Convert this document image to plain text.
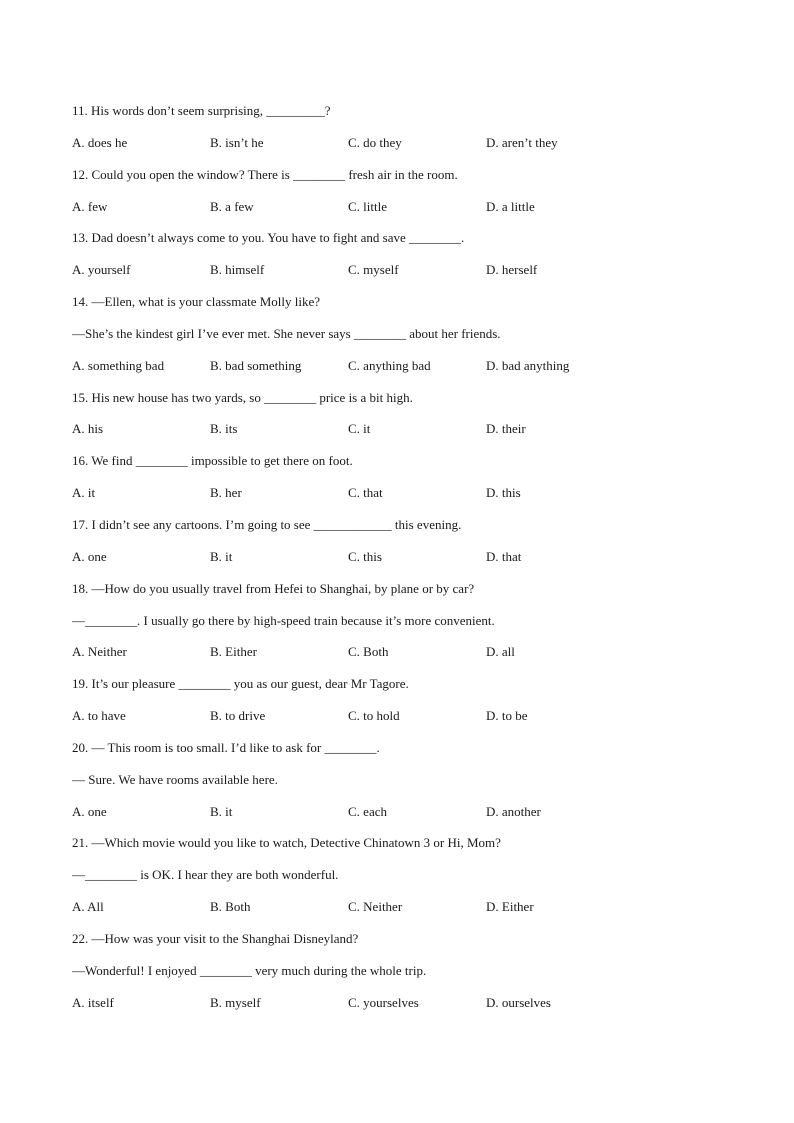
11. His words don’t seem surprising, _________?
A. does he	B. isn’t he	C. do they	D. aren’t they
12. Could you open the window? There is ________ fresh air in the room.
A. few	B. a few	C. little	D. a little
13. Dad doesn’t always come to you. You have to fight and save ________.
A. yourself	B. himself	C. myself	D. herself
14. —Ellen, what is your classmate Molly like?
—She’s the kindest girl I’ve ever met. She never says ________ about her friends.
A. something bad	B. bad something	C. anything bad	D. bad anything
15. His new house has two yards, so ________ price is a bit high.
A. his	B. its	C. it	D. their
16. We find ________ impossible to get there on foot.
A. it	B. her	C. that	D. this
17. I didn’t see any cartoons. I’m going to see ____________ this evening.
A. one	B. it	C. this	D. that
18. —How do you usually travel from Hefei to Shanghai, by plane or by car?
—________. I usually go there by high-speed train because it’s more convenient.
A. Neither	B. Either	C. Both	D. all
19. It’s our pleasure ________ you as our guest, dear Mr Tagore.
A. to have	B. to drive	C. to hold	D. to be
20. — This room is too small. I’d like to ask for ________.
— Sure. We have rooms available here.
A. one	B. it	C. each	D. another
21. —Which movie would you like to watch, Detective Chinatown 3 or Hi, Mom?
—________ is OK. I hear they are both wonderful.
A. All	B. Both	C. Neither	D. Either
22. —How was your visit to the Shanghai Disneyland?
—Wonderful! I enjoyed ________ very much during the whole trip.
A. itself	B. myself	C. yourselves	D. ourselves
